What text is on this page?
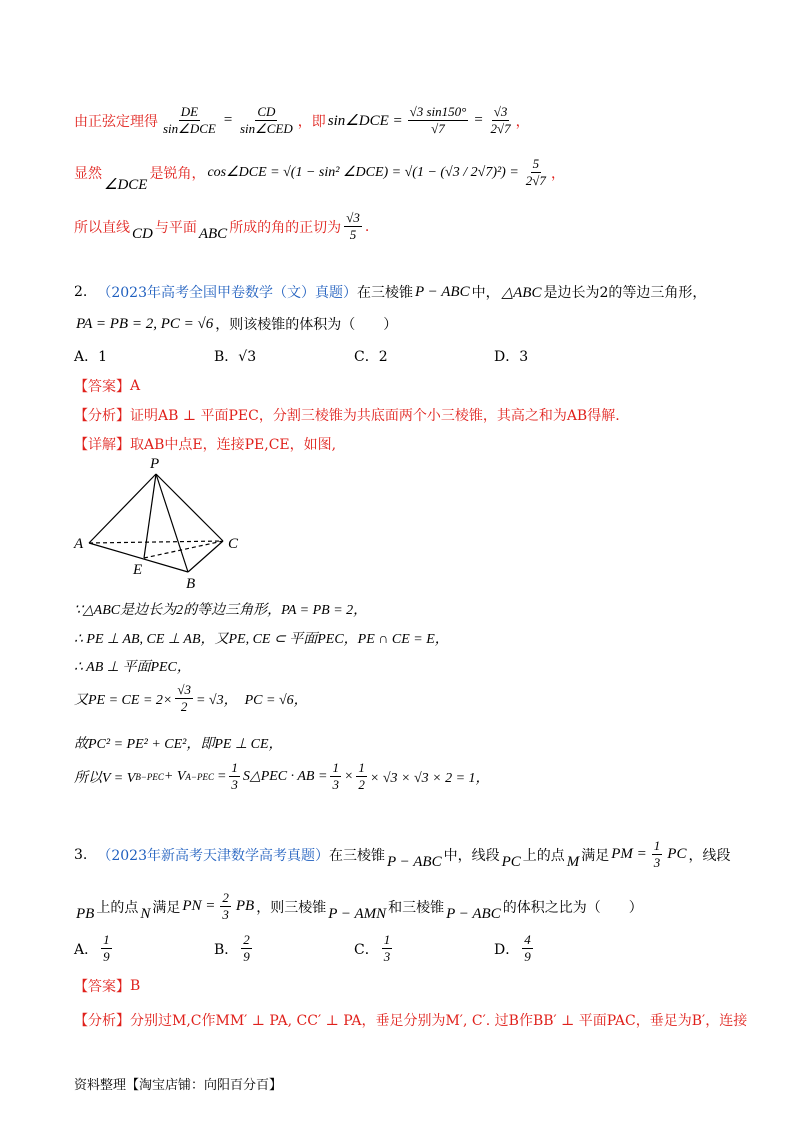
由正弦定理得 $\frac{DE}{\text{sin∠DCE}} = \frac{CD}{\text{sin∠CED}}$ ，即 sin∠DCE = $\frac{√3 \sin 150^\circ}{√7} = \frac{√3}{2√7}$ ，
显然
∠DCE
是锐角， cos∠DCE = √(1 − sin² ∠DCE) = $√(1 - (√3 / 2√7)^2) = \frac{5}{2√7}$ ，
所以直线 CD 与平面 ABC 所成的角的正切为 $\frac{√3}{5}$ .
2. （2023年高考全国甲卷数学（文）真题） 在三棱锥 P − ABC 中， △ABC 是边长为2的等边三角形，
PA = PB = 2, PC = √6 ，则该棱锥的体积为（　　）
A．1	B．√3	C．2	D．3
【答案】 A
【分析】 证明AB ⊥ 平面PEC，分割三棱锥为共底面两个小三棱锥，其高之和为AB得解.
【详解】 取AB中点E，连接PE,CE，如图,
P
A	C
E
B
∵△ABC是边长为2的等边三角形，PA = PB = 2，
∴ PE ⊥ AB, CE ⊥ AB，又PE, CE ⊂ 平面PEC，PE ∩ CE = E，
∴ AB ⊥ 平面PEC，
又PE = CE = $2\times \frac{√3}{2} = √3$，　PC = √6，
故PC² = PE² + CE²，即PE ⊥ CE，
所以V = V B−PEC + V $A-PEC = \frac{1}{3}$ S△PEC · AB = $\frac{1}{3} \times \frac{1}{2} \times √3 \times √3 \times 2 = 1$，
3. （2023年新高考天津数学高考真题） 在三棱锥 P − ABC 中，线段 PC 上的点 M 满足 PM = $\frac{1}{3}$ PC ，线段
PB 上的点 N 满足 PN = $\frac{2}{3}$ PB ，则三棱锥 P − AMN 和三棱锥 P − ABC 的体积之比为（　　）
A． $\frac{1}{9}$	B． $\frac{2}{9}$	C． $\frac{1}{3}$	D． $\frac{4}{9}$
【答案】 B
【分析】 分别过M,C作MM′ ⊥ PA, CC′ ⊥ PA，垂足分别为M′, C′. 过B作BB′ ⊥ 平面PAC，垂足为B′，连接
资料整理【淘宝店铺：向阳百分百】
